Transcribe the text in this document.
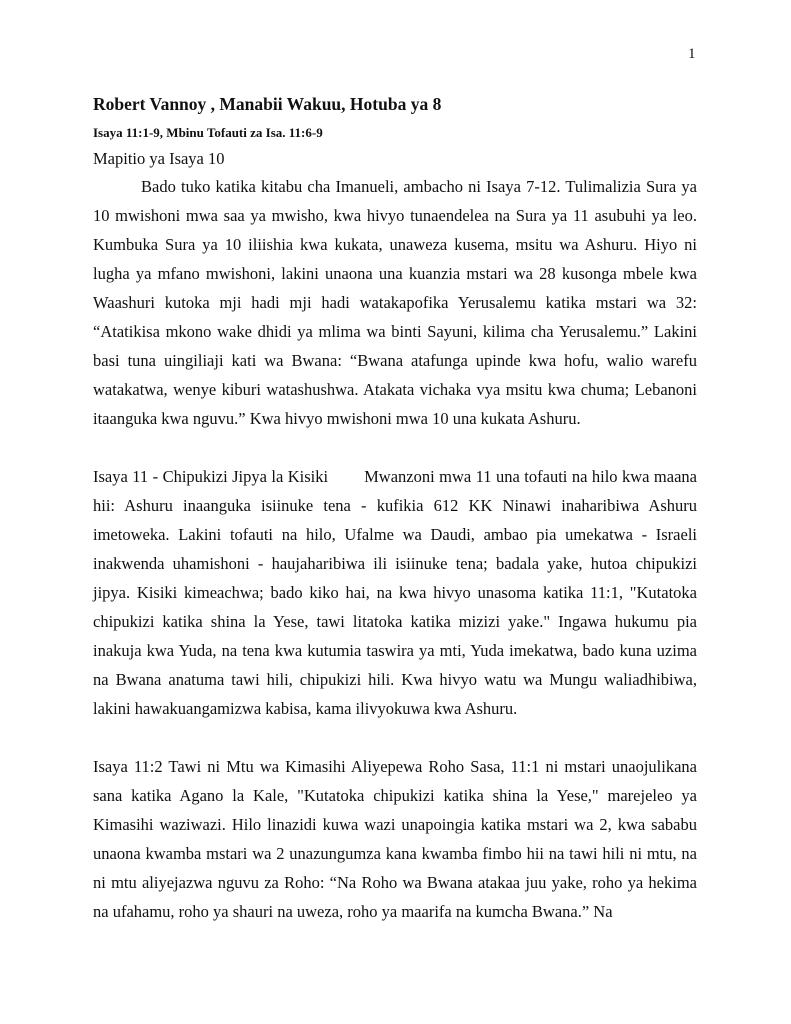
1

Robert Vannoy , Manabii Wakuu, Hotuba ya 8

Isaya 11:1-9, Mbinu Tofauti za Isa. 11:6-9

Mapitio ya Isaya 10

Bado tuko katika kitabu cha Imanueli, ambacho ni Isaya 7-12. Tulimalizia Sura ya 10 mwishoni mwa saa ya mwisho, kwa hivyo tunaendelea na Sura ya 11 asubuhi ya leo. Kumbuka Sura ya 10 iliishia kwa kukata, unaweza kusema, msitu wa Ashuru. Hiyo ni lugha ya mfano mwishoni, lakini unaona una kuanzia mstari wa 28 kusonga mbele kwa Waashuri kutoka mji hadi mji hadi watakapofika Yerusalemu katika mstari wa 32: “Atatikisa mkono wake dhidi ya mlima wa binti Sayuni, kilima cha Yerusalemu.” Lakini basi tuna uingiliaji kati wa Bwana: “Bwana atafunga upinde kwa hofu, walio warefu watakatwa, wenye kiburi watashushwa. Atakata vichaka vya msitu kwa chuma; Lebanoni itaanguka kwa nguvu.” Kwa hivyo mwishoni mwa 10 una kukata Ashuru.

Isaya 11 - Chipukizi Jipya la Kisiki Mwanzoni mwa 11 una tofauti na hilo kwa maana hii: Ashuru inaanguka isiinuke tena - kufikia 612 KK Ninawi inaharibiwa Ashuru imetoweka. Lakini tofauti na hilo, Ufalme wa Daudi, ambao pia umekatwa - Israeli inakwenda uhamishoni - haujaharibiwa ili isiinuke tena; badala yake, hutoa chipukizi jipya. Kisiki kimeachwa; bado kiko hai, na kwa hivyo unasoma katika 11:1, "Kutatoka chipukizi katika shina la Yese, tawi litatoka katika mizizi yake." Ingawa hukumu pia inakuja kwa Yuda, na tena kwa kutumia taswira ya mti, Yuda imekatwa, bado kuna uzima na Bwana anatuma tawi hili, chipukizi hili. Kwa hivyo watu wa Mungu waliadhibiwa, lakini hawakuangamizwa kabisa, kama ilivyokuwa kwa Ashuru.

Isaya 11:2 Tawi ni Mtu wa Kimasihi Aliyepewa Roho Sasa, 11:1 ni mstari unaojulikana sana katika Agano la Kale, "Kutatoka chipukizi katika shina la Yese," marejeleo ya Kimasihi waziwazi. Hilo linazidi kuwa wazi unapoingia katika mstari wa 2, kwa sababu unaona kwamba mstari wa 2 unazungumza kana kwamba fimbo hii na tawi hili ni mtu, na ni mtu aliyejazwa nguvu za Roho: “Na Roho wa Bwana atakaa juu yake, roho ya hekima na ufahamu, roho ya shauri na uweza, roho ya maarifa na kumcha Bwana.” Na
